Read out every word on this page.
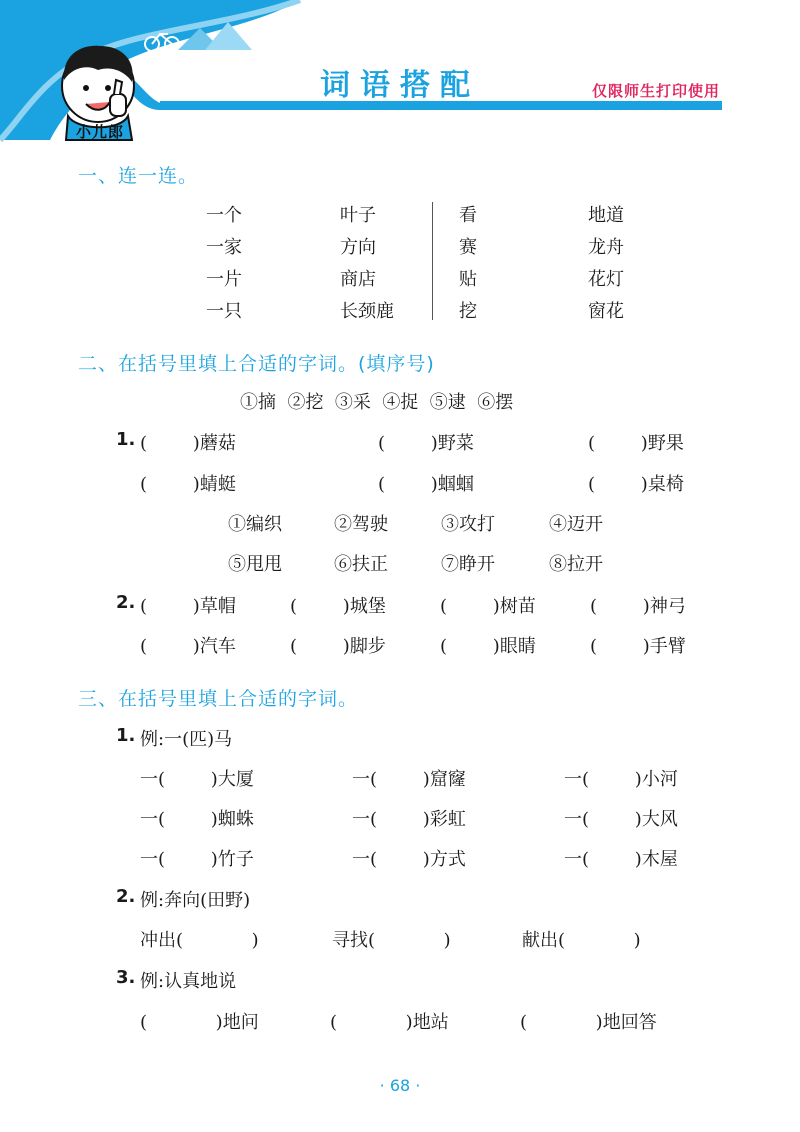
小儿郎
词语搭配	仅限师生打印使用
一、连一连。
一个	叶子	看	地道
一家	方向	赛	龙舟
一片	商店	贴	花灯
一只	长颈鹿	挖	窗花
二、在括号里填上合适的字词。(填序号)
①摘  ②挖  ③采  ④捉  ⑤逮  ⑥摆
1. (        )蘑菇	(        )野菜	(        )野果
(        )蜻蜓	(        )蝈蝈	(        )桌椅
①编织	②驾驶	③攻打	④迈开
⑤甩甩	⑥扶正	⑦睁开	⑧拉开
2. (        )草帽	(        )城堡	(        )树苗	(        )神弓
(        )汽车	(        )脚步	(        )眼睛	(        )手臂
三、在括号里填上合适的字词。
1. 例:一(匹)马
一(        )大厦	一(        )窟窿	一(        )小河
一(        )蜘蛛	一(        )彩虹	一(        )大风
一(        )竹子	一(        )方式	一(        )木屋
2. 例:奔向(田野)
冲出(            )	寻找(            )	献出(            )
3. 例:认真地说
(            )地问	(            )地站	(            )地回答
· 68 ·
